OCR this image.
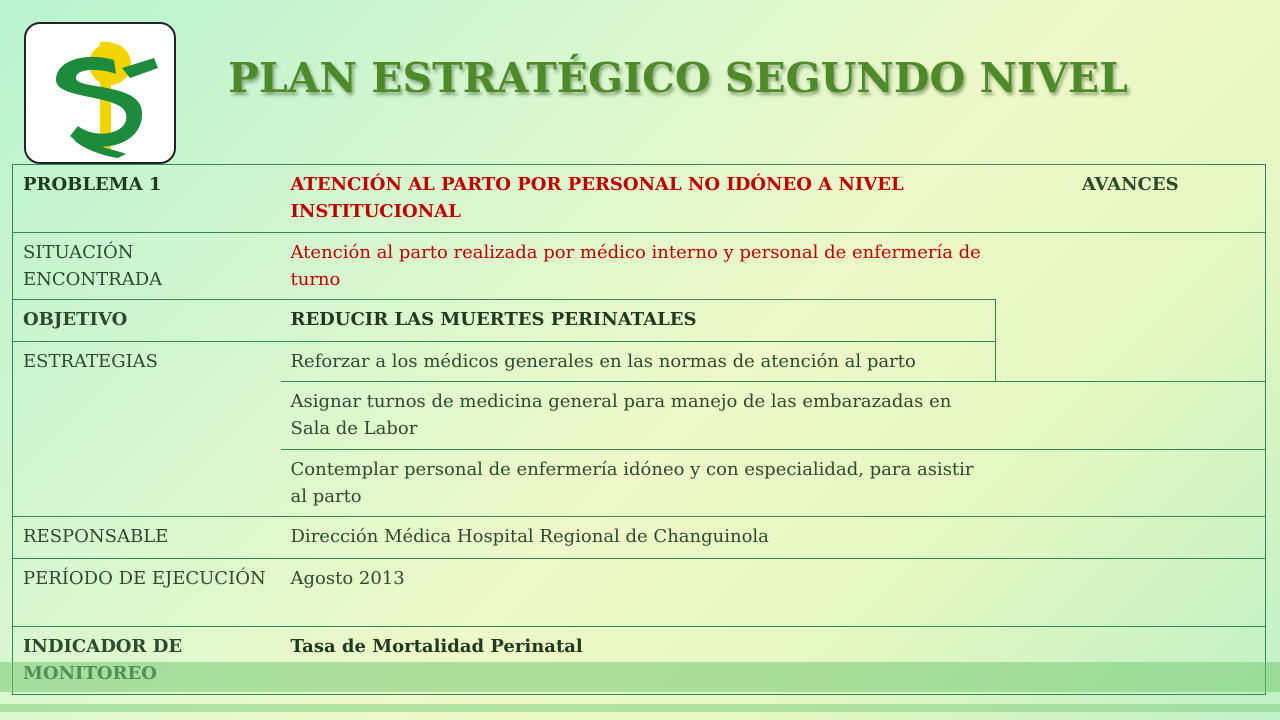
PLAN ESTRATÉGICO SEGUNDO NIVEL
PROBLEMA 1	ATENCIÓN AL PARTO POR PERSONAL NO IDÓNEO A NIVEL INSTITUCIONAL	AVANCES
SITUACIÓN ENCONTRADA	Atención al parto realizada por médico interno y personal de enfermería de turno	
OBJETIVO	REDUCIR LAS MUERTES PERINATALES	
ESTRATEGIAS	Reforzar a los médicos generales en las normas de atención al parto	
	Asignar turnos de medicina general para manejo de las embarazadas en Sala de Labor	
	Contemplar personal de enfermería idóneo y con especialidad, para asistir al parto	
RESPONSABLE	Dirección Médica Hospital Regional de Changuinola	
PERÍODO DE EJECUCIÓN	Agosto 2013	
INDICADOR DE	Tasa de Mortalidad Perinatal	
